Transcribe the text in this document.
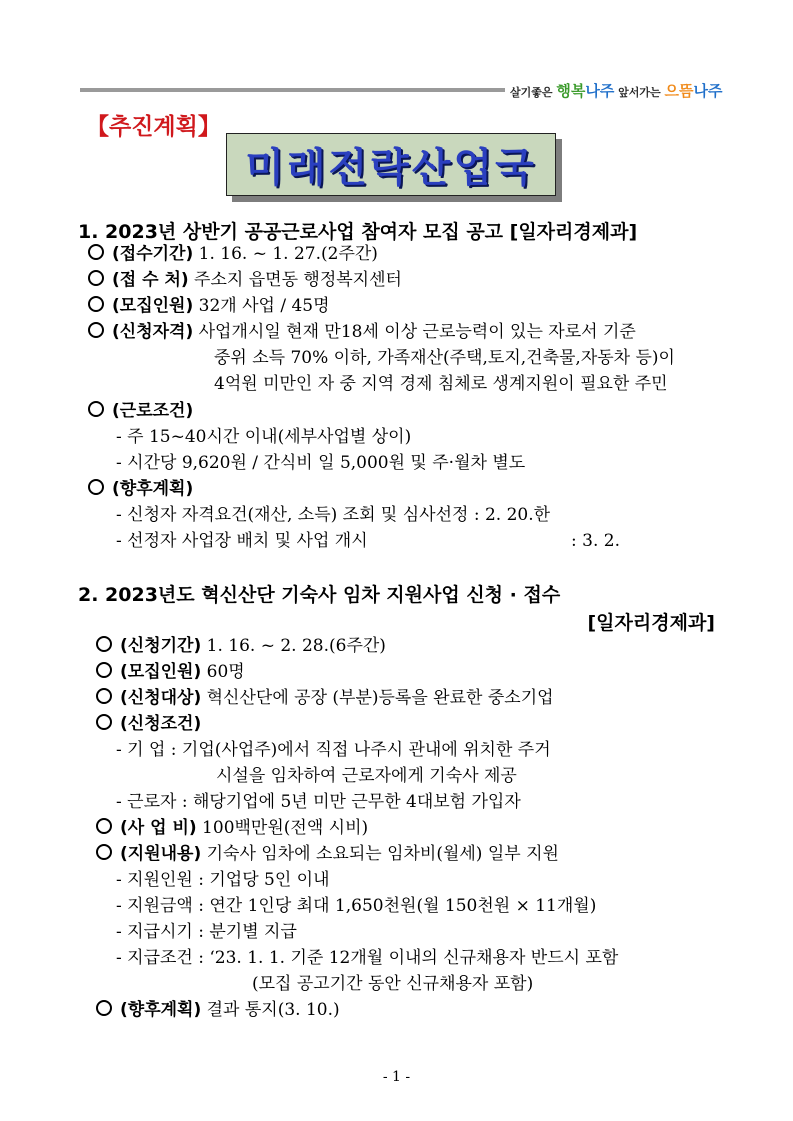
살기좋은 행복나주 앞서가는 으뜸나주
【추진계획】
미래전략산업국
1. 2023년 상반기 공공근로사업 참여자 모집 공고 [일자리경제과]
(접수기간) 1. 16. ~ 1. 27.(2주간)
(접 수 처) 주소지 읍면동 행정복지센터
(모집인원) 32개 사업 / 45명
(신청자격) 사업개시일 현재 만18세 이상 근로능력이 있는 자로서 기준
중위 소득 70% 이하, 가족재산(주택,토지,건축물,자동차 등)이
4억원 미만인 자 중 지역 경제 침체로 생계지원이 필요한 주민
(근로조건)
- 주 15~40시간 이내(세부사업별 상이)
- 시간당 9,620원 / 간식비 일 5,000원 및 주·월차 별도
(향후계획)
- 신청자 자격요건(재산, 소득) 조회 및 심사선정 : 2. 20.한
- 선정자 사업장 배치 및 사업 개시	: 3. 2.
2. 2023년도 혁신산단 기숙사 임차 지원사업 신청 · 접수
[일자리경제과]
(신청기간) 1. 16. ~ 2. 28.(6주간)
(모집인원) 60명
(신청대상) 혁신산단에 공장 (부분)등록을 완료한 중소기업
(신청조건)
- 기 업 : 기업(사업주)에서 직접 나주시 관내에 위치한 주거
시설을 임차하여 근로자에게 기숙사 제공
- 근로자 : 해당기업에 5년 미만 근무한 4대보험 가입자
(사 업 비) 100백만원(전액 시비)
(지원내용) 기숙사 임차에 소요되는 임차비(월세) 일부 지원
- 지원인원 : 기업당 5인 이내
- 지원금액 : 연간 1인당 최대 1,650천원(월 150천원 × 11개월)
- 지급시기 : 분기별 지급
- 지급조건 : ‘23. 1. 1. 기준 12개월 이내의 신규채용자 반드시 포함
(모집 공고기간 동안 신규채용자 포함)
(향후계획) 결과 통지(3. 10.)
- 1 -
